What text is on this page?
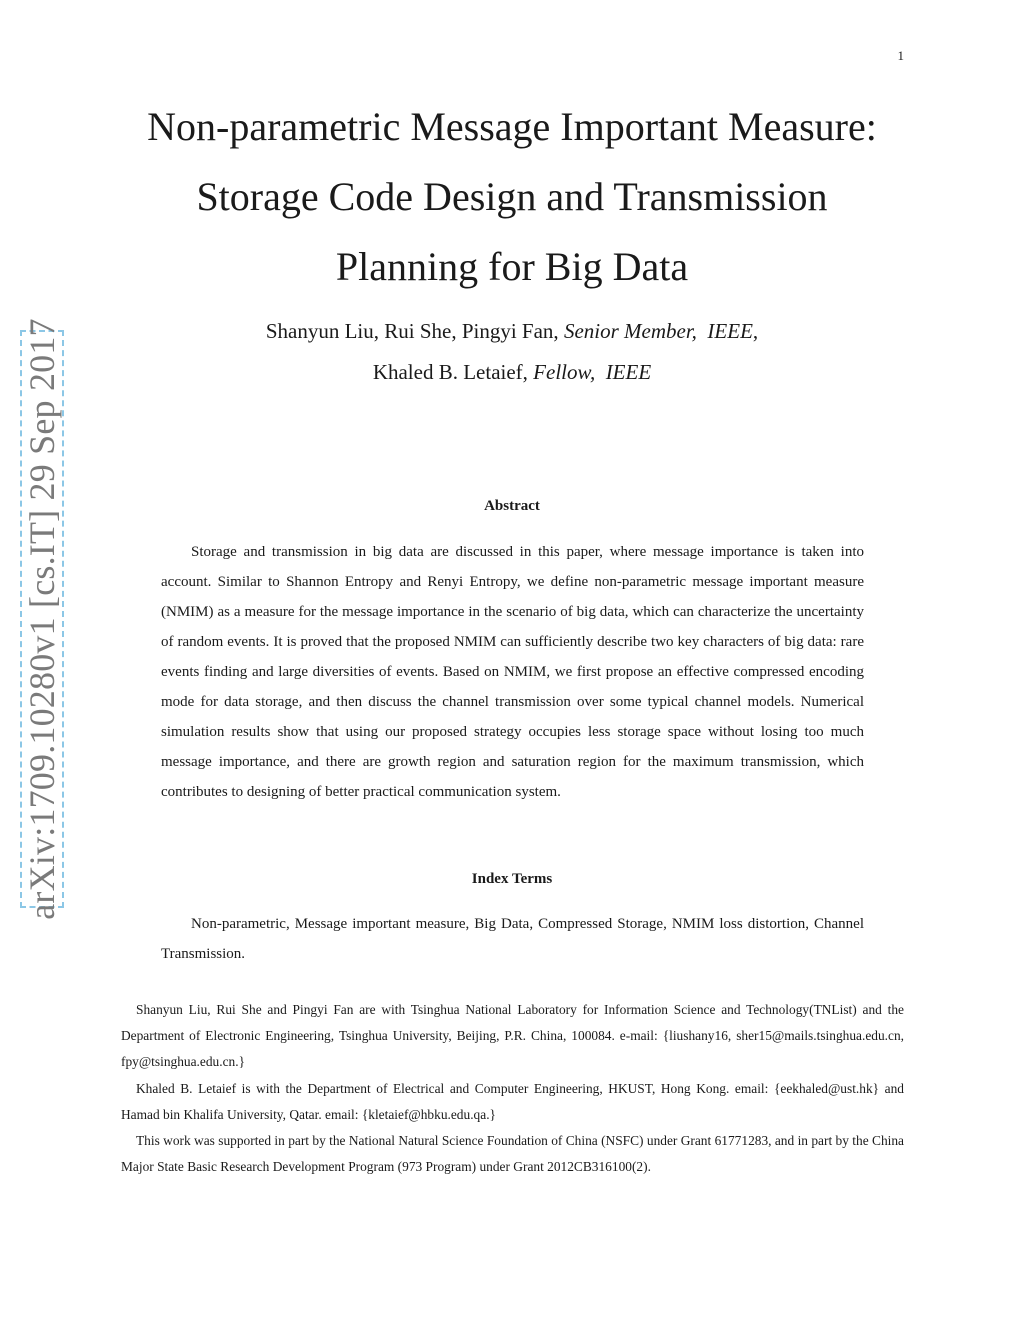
1
Non-parametric Message Important Measure:
Storage Code Design and Transmission
Planning for Big Data
Shanyun Liu, Rui She, Pingyi Fan, Senior Member, IEEE,
Khaled B. Letaief, Fellow, IEEE
arXiv:1709.10280v1 [cs.IT] 29 Sep 2017	Abstract

Storage and transmission in big data are discussed in this paper, where message importance is taken into account. Similar to Shannon Entropy and Renyi Entropy, we define non-parametric message important measure (NMIM) as a measure for the message importance in the scenario of big data, which can characterize the uncertainty of random events. It is proved that the proposed NMIM can sufficiently describe two key characters of big data: rare events finding and large diversities of events. Based on NMIM, we first propose an effective compressed encoding mode for data storage, and then discuss the channel transmission over some typical channel models. Numerical simulation results show that using our proposed strategy occupies less storage space without losing too much message importance, and there are growth region and saturation region for the maximum transmission, which contributes to designing of better practical communication system.

Index Terms

Non-parametric, Message important measure, Big Data, Compressed Storage, NMIM loss distortion, Channel Transmission.

Shanyun Liu, Rui She and Pingyi Fan are with Tsinghua National Laboratory for Information Science and Technology(TNList) and the Department of Electronic Engineering, Tsinghua University, Beijing, P.R. China, 100084. e-mail: {liushany16, sher15@mails.tsinghua.edu.cn, fpy@tsinghua.edu.cn.}

Khaled B. Letaief is with the Department of Electrical and Computer Engineering, HKUST, Hong Kong. email: {eekhaled@ust.hk} and Hamad bin Khalifa University, Qatar. email: {kletaief@hbku.edu.qa.}

This work was supported in part by the National Natural Science Foundation of China (NSFC) under Grant 61771283, and in part by the China Major State Basic Research Development Program (973 Program) under Grant 2012CB316100(2).
